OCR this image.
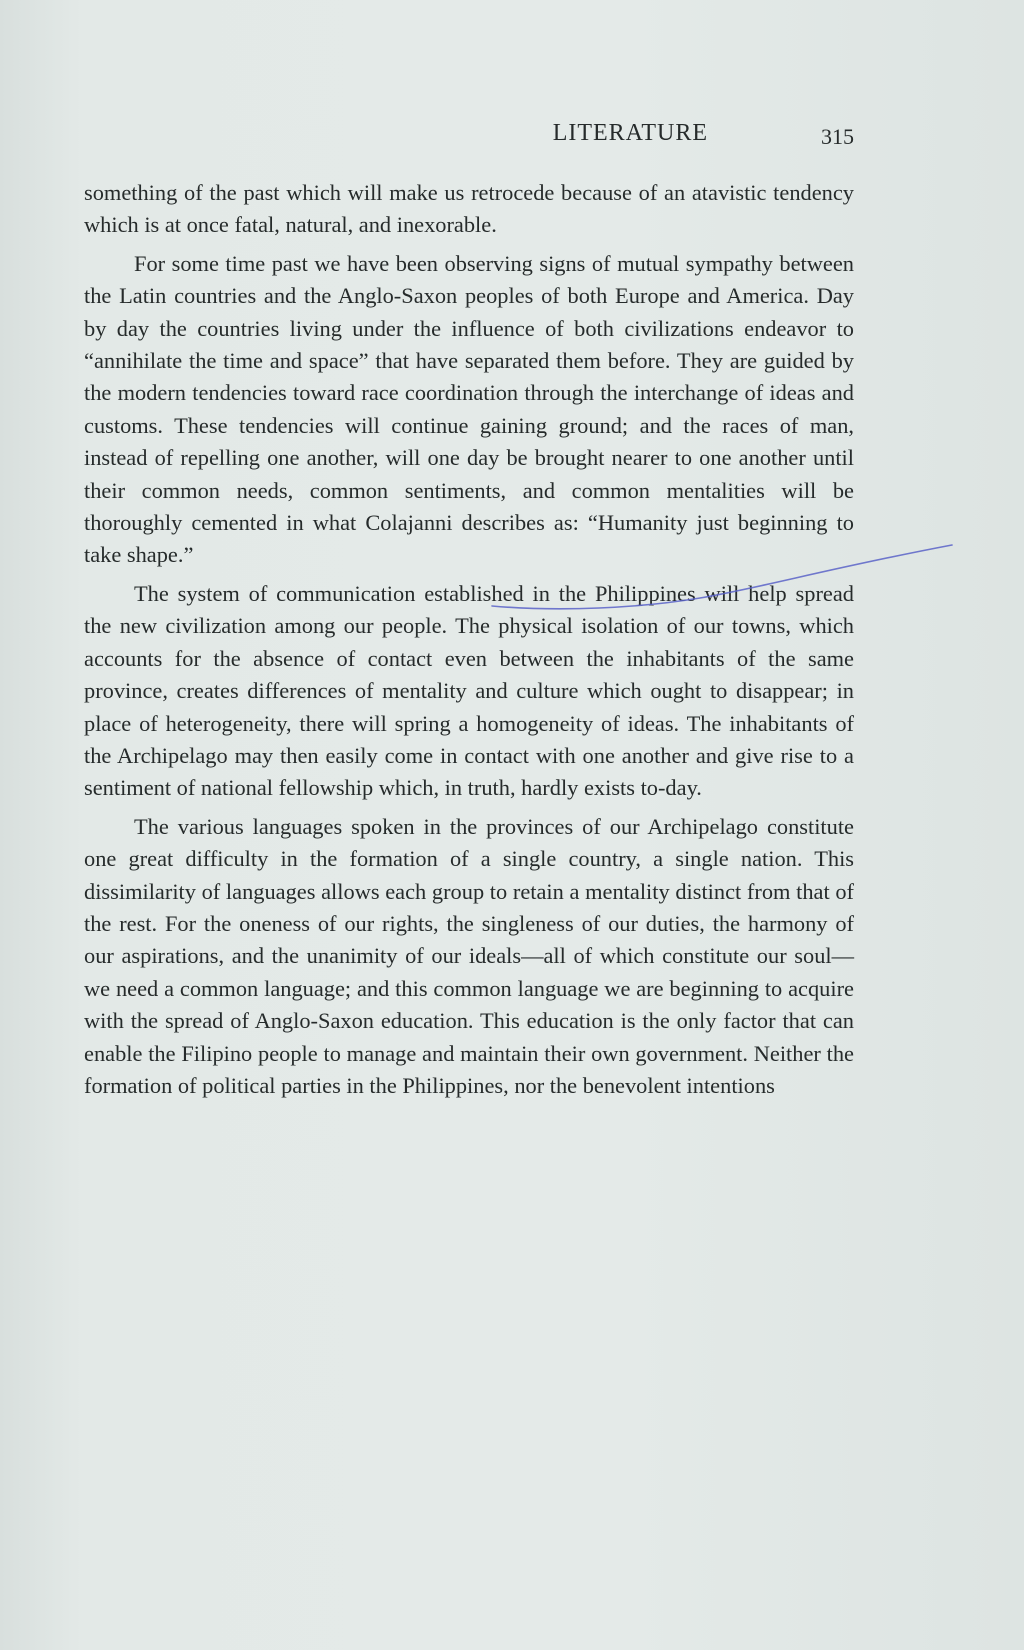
LITERATURE	315

something of the past which will make us retrocede because of an atavistic tendency which is at once fatal, natural, and inexorable.

For some time past we have been observing signs of mutual sympathy between the Latin countries and the Anglo-Saxon peoples of both Europe and America. Day by day the countries living under the influence of both civilizations endeavor to “annihilate the time and space” that have separated them before. They are guided by the modern tendencies toward race coordination through the interchange of ideas and customs. These tendencies will continue gaining ground; and the races of man, instead of repelling one another, will one day be brought nearer to one another until their common needs, common sentiments, and common mentalities will be thoroughly cemented in what Colajanni describes as: “Humanity just beginning to take shape.”

The system of communication established in the Philippines will help spread the new civilization among our people. The physical isolation of our towns, which accounts for the absence of contact even between the inhabitants of the same province, creates differences of mentality and culture which ought to disappear; in place of heterogeneity, there will spring a homogeneity of ideas. The inhabitants of the Archipelago may then easily come in contact with one another and give rise to a sentiment of national fellowship which, in truth, hardly exists to-day.

The various languages spoken in the provinces of our Archipelago constitute one great difficulty in the formation of a single country, a single nation. This dissimilarity of languages allows each group to retain a mentality distinct from that of the rest. For the oneness of our rights, the singleness of our duties, the harmony of our aspirations, and the unanimity of our ideals—all of which constitute our soul—we need a common language; and this common language we are beginning to acquire with the spread of Anglo-Saxon education. This education is the only factor that can enable the Filipino people to manage and maintain their own government. Neither the formation of political parties in the Philippines, nor the benevolent intentions
